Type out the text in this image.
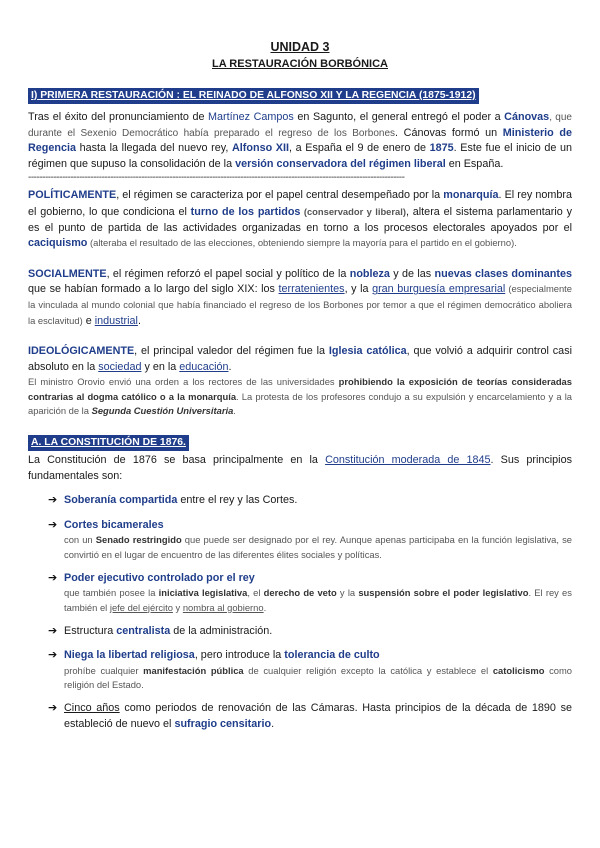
UNIDAD 3

LA RESTAURACIÓN BORBÓNICA

I) PRIMERA RESTAURACIÓN : EL REINADO DE ALFONSO XII Y LA REGENCIA (1875-1912)

Tras el éxito del pronunciamiento de Martínez Campos en Sagunto, el general entregó el poder a Cánovas, que durante el Sexenio Democrático había preparado el regreso de los Borbones. Cánovas formó un Ministerio de Regencia hasta la llegada del nuevo rey, Alfonso XII, a España el 9 de enero de 1875. Este fue el inicio de un régimen que supuso la consolidación de la versión conservadora del régimen liberal en España.

-------------------------------------------------------------------------------------------------------------------------------------

POLÍTICAMENTE, el régimen se caracteriza por el papel central desempeñado por la monarquía. El rey nombra el gobierno, lo que condiciona el turno de los partidos (conservador y liberal), altera el sistema parlamentario y es el punto de partida de las actividades organizadas en torno a los procesos electorales apoyados por el caciquismo (alteraba el resultado de las elecciones, obteniendo siempre la mayoría para el partido en el gobierno).

SOCIALMENTE, el régimen reforzó el papel social y político de la nobleza y de las nuevas clases dominantes que se habían formado a lo largo del siglo XIX: los terratenientes, y la gran burguesía empresarial (especialmente la vinculada al mundo colonial que había financiado el regreso de los Borbones por temor a que el régimen democrático aboliera la esclavitud) e industrial.

IDEOLÓGICAMENTE, el principal valedor del régimen fue la Iglesia católica, que volvió a adquirir control casi absoluto en la sociedad y en la educación.

El ministro Orovio envió una orden a los rectores de las universidades prohibiendo la exposición de teorías consideradas contrarias al dogma católico o a la monarquía. La protesta de los profesores condujo a su expulsión y encarcelamiento y a la aparición de la Segunda Cuestión Universitaria.

A. LA CONSTITUCIÓN DE 1876.

La Constitución de 1876 se basa principalmente en la Constitución moderada de 1845. Sus principios fundamentales son:

➔ Soberanía compartida entre el rey y las Cortes.

➔ Cortes bicamerales

con un Senado restringido que puede ser designado por el rey. Aunque apenas participaba en la función legislativa, se convirtió en el lugar de encuentro de las diferentes élites sociales y políticas.

➔ Poder ejecutivo controlado por el rey

que también posee la iniciativa legislativa, el derecho de veto y la suspensión sobre el poder legislativo. El rey es también el jefe del ejército y nombra al gobierno.

➔ Estructura centralista de la administración.

➔ Niega la libertad religiosa, pero introduce la tolerancia de culto

prohíbe cualquier manifestación pública de cualquier religión excepto la católica y establece el catolicismo como religión del Estado.

➔ Cinco años como periodos de renovación de las Cámaras. Hasta principios de la década de 1890 se estableció de nuevo el sufragio censitario.
